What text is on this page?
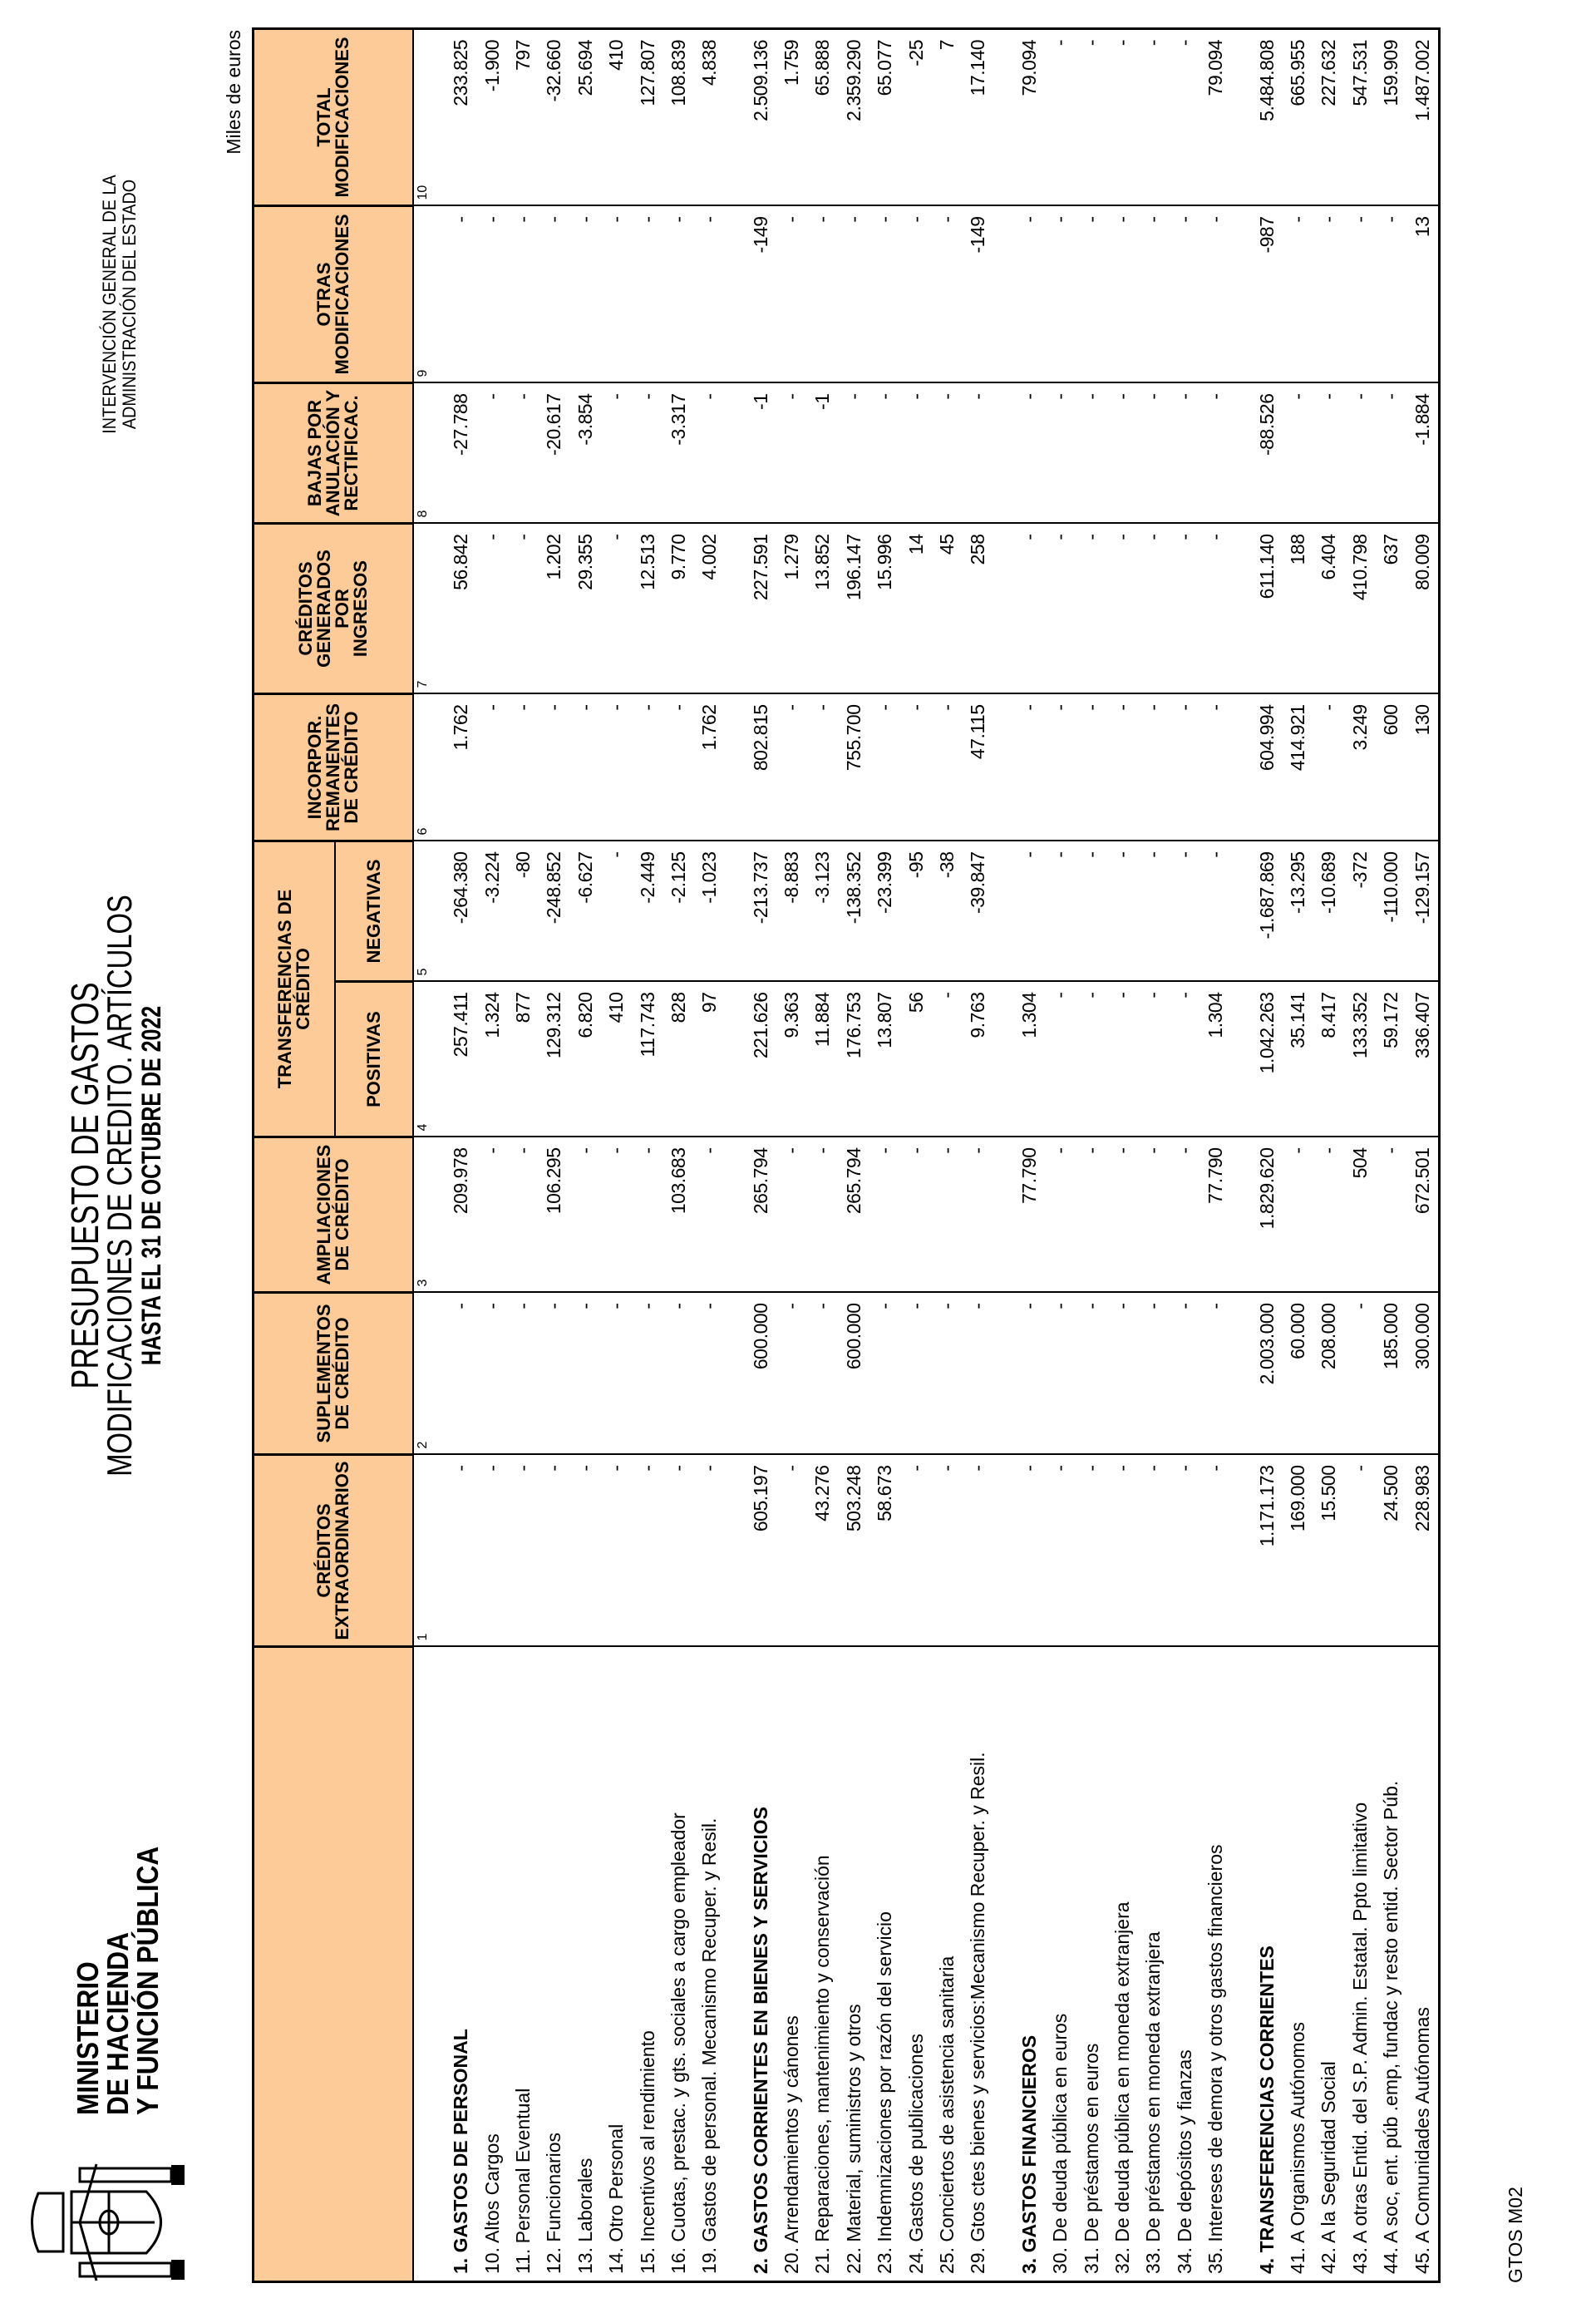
MINISTERIO
DE HACIENDA
Y FUNCIÓN PÚBLICA
PRESUPUESTO DE GASTOS
MODIFICACIONES DE CREDITO. ARTÍCULOS
HASTA EL 31 DE OCTUBRE DE 2022
INTERVENCIÓN GENERAL DE LA
ADMINISTRACIÓN DEL ESTADO
Miles de euros
	CRÉDITOS
EXTRAORDINARIOS	SUPLEMENTOS
DE CRÉDITO	AMPLIACIONES
DE CRÉDITO	TRANSFERENCIAS DE
CRÉDITO		INCORPOR.
REMANENTES
DE CRÉDITO	CRÉDITOS
GENERADOS
POR
INGRESOS	BAJAS POR
ANULACIÓN Y
RECTIFICAC.	OTRAS
MODIFICACIONES	TOTAL
MODIFICACIONES
				POSITIVAS	NEGATIVAS					
	1	2	3	4	5	6	7	8	9	10
1. GASTOS DE PERSONAL	-	-	209.978	257.411	-264.380	1.762	56.842	-27.788	-	233.825
10. Altos Cargos	-	-	-	1.324	-3.224	-	-	-	-	-1.900
11. Personal Eventual	-	-	-	877	-80	-	-	-	-	797
12. Funcionarios	-	-	106.295	129.312	-248.852	-	1.202	-20.617	-	-32.660
13. Laborales	-	-	-	6.820	-6.627	-	29.355	-3.854	-	25.694
14. Otro Personal	-	-	-	410	-	-	-	-	-	410
15. Incentivos al rendimiento	-	-	-	117.743	-2.449	-	12.513	-	-	127.807
16. Cuotas, prestac. y gts. sociales a cargo empleador	-	-	103.683	828	-2.125	-	9.770	-3.317	-	108.839
19. Gastos de personal. Mecanismo Recuper. y Resil.	-	-	-	97	-1.023	1.762	4.002	-	-	4.838

2. GASTOS CORRIENTES EN BIENES Y SERVICIOS	605.197	600.000	265.794	221.626	-213.737	802.815	227.591	-1	-149	2.509.136
20. Arrendamientos y cánones	-	-	-	9.363	-8.883	-	1.279	-	-	1.759
21. Reparaciones, mantenimiento y conservación	43.276	-	-	11.884	-3.123	-	13.852	-1	-	65.888
22. Material, suministros y otros	503.248	600.000	265.794	176.753	-138.352	755.700	196.147	-	-	2.359.290
23. Indemnizaciones por razón del servicio	58.673	-	-	13.807	-23.399	-	15.996	-	-	65.077
24. Gastos de publicaciones	-	-	-	56	-95	-	14	-	-	-25
25. Conciertos de asistencia sanitaria	-	-	-	-	-38	-	45	-	-	7
29. Gtos ctes bienes y servicios:Mecanismo Recuper. y Resil.	-	-	-	9.763	-39.847	47.115	258	-	-149	17.140

3. GASTOS FINANCIEROS	-	-	77.790	1.304	-	-	-	-	-	79.094
30. De deuda pública en euros	-	-	-	-	-	-	-	-	-	-
31. De préstamos en euros	-	-	-	-	-	-	-	-	-	-
32. De deuda pública en moneda extranjera	-	-	-	-	-	-	-	-	-	-
33. De préstamos en moneda extranjera	-	-	-	-	-	-	-	-	-	-
34. De depósitos y fianzas	-	-	-	-	-	-	-	-	-	-
35. Intereses de demora y otros gastos financieros	-	-	77.790	1.304	-	-	-	-	-	79.094

4. TRANSFERENCIAS CORRIENTES	1.171.173	2.003.000	1.829.620	1.042.263	-1.687.869	604.994	611.140	-88.526	-987	5.484.808
41. A Organismos Autónomos	169.000	60.000	-	35.141	-13.295	414.921	188	-	-	665.955
42. A la Seguridad Social	15.500	208.000	-	8.417	-10.689	-	6.404	-	-	227.632
43. A otras Entid. del S.P. Admin. Estatal. Ppto limitativo	-	-	504	133.352	-372	3.249	410.798	-	-	547.531
44. A soc, ent. púb .emp, fundac y resto entid. Sector Púb.	24.500	185.000	-	59.172	-110.000	600	637	-	-	159.909
45. A Comunidades Autónomas	228.983	300.000	672.501	336.407	-129.157	130	80.009	-1.884	13	1.487.002
GTOS M02
